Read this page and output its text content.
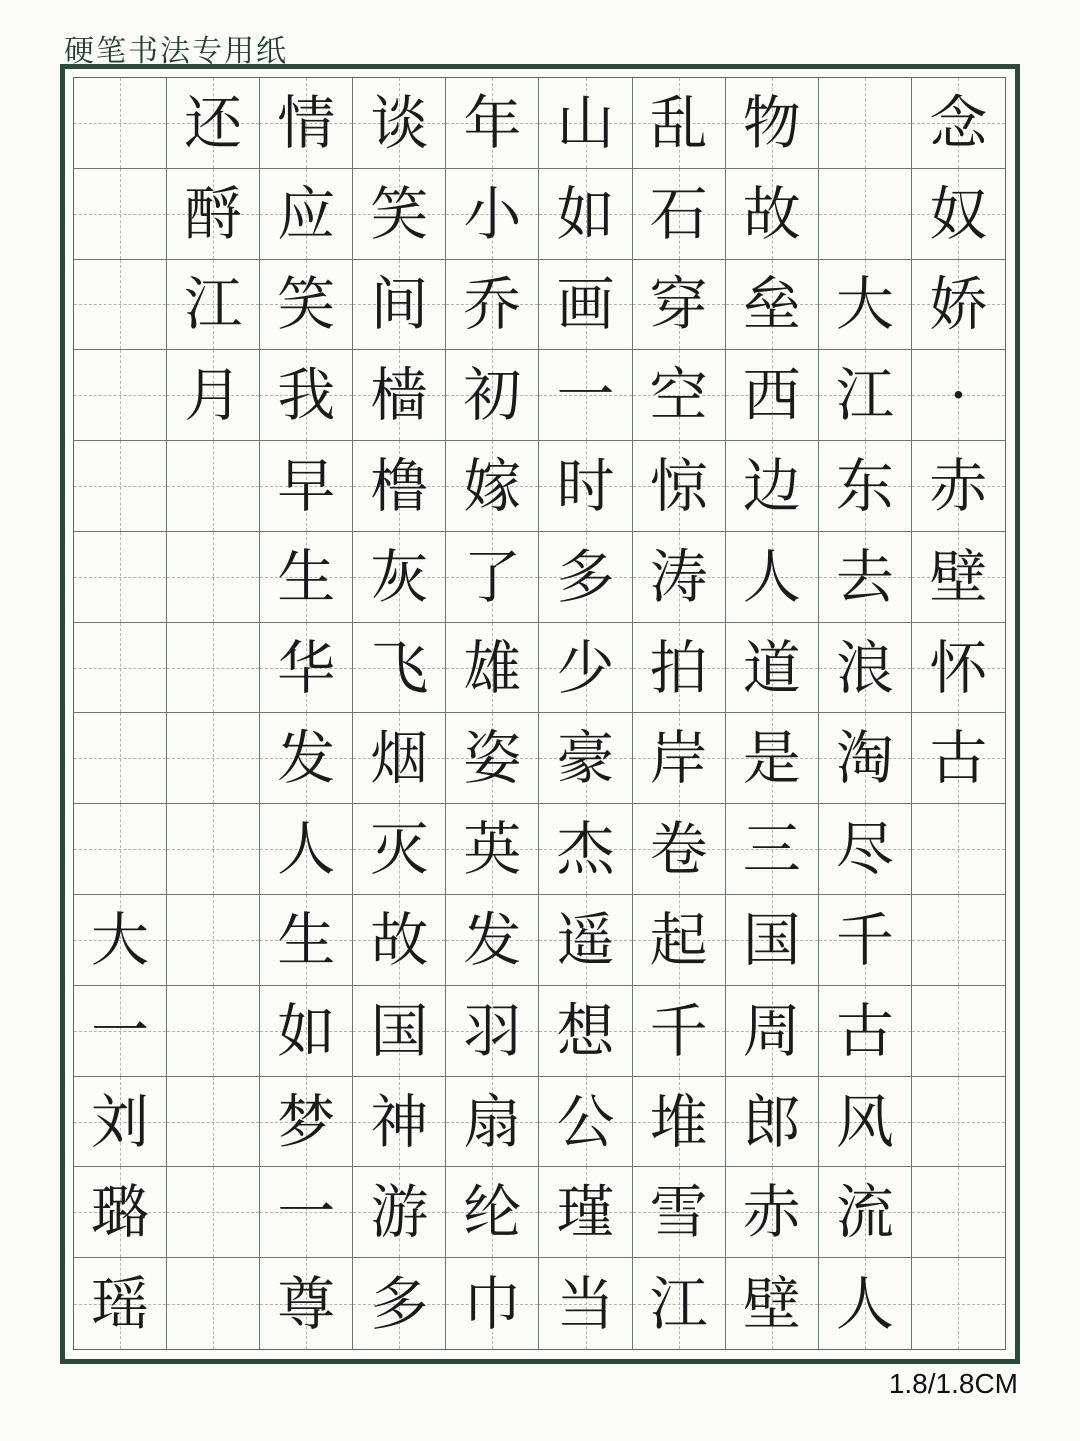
硬笔书法专用纸
还 情 谈 年 山 乱 物 念
酹 应 笑 小 如 石 故 奴
江 笑 间 乔 画 穿 垒 大 娇
月 我 樯 初 一 空 西 江 ·
早 橹 嫁 时 惊 边 东 赤
生 灰 了 多 涛 人 去 壁
华 飞 雄 少 拍 道 浪 怀
发 烟 姿 豪 岸 是 淘 古
人 灭 英 杰 卷 三 尽
大 生 故 发 遥 起 国 千
一 如 国 羽 想 千 周 古
刘 梦 神 扇 公 堆 郎 风
璐 一 游 纶 瑾 雪 赤 流
瑶 尊 多 巾 当 江 壁 人
1.8/1.8CM
